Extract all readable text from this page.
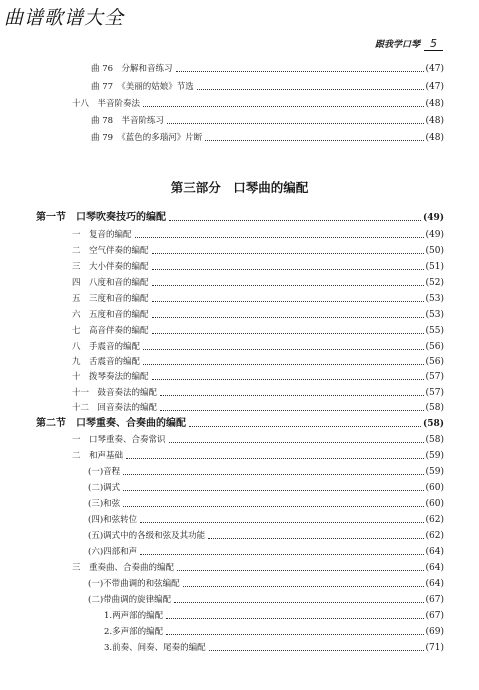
曲谱歌谱大全
跟我学口琴 5
曲 76　分解和音练习	(47)
曲 77　《美丽的姑娘》节选	(47)
十八　半音阶奏法	(48)
曲 78　半音阶练习	(48)
曲 79　《蓝色的多瑙河》片断	(48)
第三部分　口琴曲的编配
第一节　口琴吹奏技巧的编配	(49)
一　复音的编配	(49)
二　空气伴奏的编配	(50)
三　大小伴奏的编配	(51)
四　八度和音的编配	(52)
五　三度和音的编配	(53)
六　五度和音的编配	(53)
七　高音伴奏的编配	(55)
八　手震音的编配	(56)
九　舌震音的编配	(56)
十　拨琴奏法的编配	(57)
十一　鼓音奏法的编配	(57)
十二　回音奏法的编配	(58)
第二节　口琴重奏、合奏曲的编配	(58)
一　口琴重奏、合奏常识	(58)
二　和声基础	(59)
(一)音程	(59)
(二)调式	(60)
(三)和弦	(60)
(四)和弦转位	(62)
(五)调式中的各级和弦及其功能	(62)
(六)四部和声	(64)
三　重奏曲、合奏曲的编配	(64)
(一)不带曲调的和弦编配	(64)
(二)带曲调的旋律编配	(67)
1.两声部的编配	(67)
2.多声部的编配	(69)
3.前奏、间奏、尾奏的编配	(71)
